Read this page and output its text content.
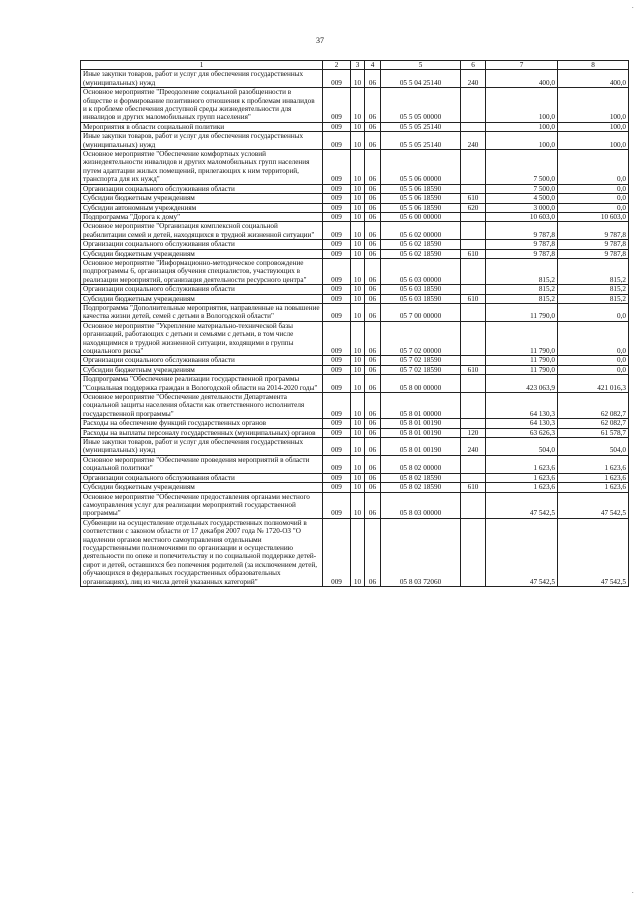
37
1	2	3	4	5	6	7	8
Иные закупки товаров, работ и услуг для обеспечения государственных (муниципальных) нужд	009	10	06	05 5 04 25140	240	400,0	400,0
Основное мероприятие "Преодоление социальной разобщенности в обществе и формирование позитивного отношения к проблемам инвалидов и к проблеме обеспечения доступной среды жизнедеятельности для инвалидов и других маломобильных групп населения"	009	10	06	05 5 05 00000		100,0	100,0
Мероприятия в области социальной политики	009	10	06	05 5 05 25140		100,0	100,0
Иные закупки товаров, работ и услуг для обеспечения государственных (муниципальных) нужд	009	10	06	05 5 05 25140	240	100,0	100,0
Основное мероприятие "Обеспечение комфортных условий жизнедеятельности инвалидов и других маломобильных групп населения путем адаптации жилых помещений, прилегающих к ним территорий, транспорта для их нужд"	009	10	06	05 5 06 00000		7 500,0	0,0
Организации социального обслуживания области	009	10	06	05 5 06 18590		7 500,0	0,0
Субсидии бюджетным учреждениям	009	10	06	05 5 06 18590	610	4 500,0	0,0
Субсидии автономным учреждениям	009	10	06	05 5 06 18590	620	3 000,0	0,0
Подпрограмма "Дорога к дому"	009	10	06	05 6 00 00000		10 603,0	10 603,0
Основное мероприятие "Организация комплексной социальной реабилитации семей и детей, находящихся в трудной жизненной ситуации"	009	10	06	05 6 02 00000		9 787,8	9 787,8
Организации социального обслуживания области	009	10	06	05 6 02 18590		9 787,8	9 787,8
Субсидии бюджетным учреждениям	009	10	06	05 6 02 18590	610	9 787,8	9 787,8
Основное мероприятие "Информационно-методическое сопровождение подпрограммы 6, организация обучения специалистов, участвующих в реализации мероприятий, организация деятельности ресурсного центра"	009	10	06	05 6 03 00000		815,2	815,2
Организации социального обслуживания области	009	10	06	05 6 03 18590		815,2	815,2
Субсидии бюджетным учреждениям	009	10	06	05 6 03 18590	610	815,2	815,2
Подпрограмма "Дополнительные мероприятия, направленные на повышение качества жизни детей, семей с детьми в Вологодской области"	009	10	06	05 7 00 00000		11 790,0	0,0
Основное мероприятие "Укрепление материально-технической базы организаций, работающих с детьми и семьями с детьми, в том числе находящимися в трудной жизненной ситуации, входящими в группы социального риска"	009	10	06	05 7 02 00000		11 790,0	0,0
Организации социального обслуживания области	009	10	06	05 7 02 18590		11 790,0	0,0
Субсидии бюджетным учреждениям	009	10	06	05 7 02 18590	610	11 790,0	0,0
Подпрограмма "Обеспечение реализации государственной программы "Социальная поддержка граждан в Вологодской области на 2014-2020 годы"	009	10	06	05 8 00 00000		423 063,9	421 016,3
Основное мероприятие "Обеспечение деятельности Департамента социальной защиты населения области как ответственного исполнителя государственной программы"	009	10	06	05 8 01 00000		64 130,3	62 082,7
Расходы на обеспечение функций государственных органов	009	10	06	05 8 01 00190		64 130,3	62 082,7
Расходы на выплаты персоналу государственных (муниципальных) органов	009	10	06	05 8 01 00190	120	63 626,3	61 578,7
Иные закупки товаров, работ и услуг для обеспечения государственных (муниципальных) нужд	009	10	06	05 8 01 00190	240	504,0	504,0
Основное мероприятие "Обеспечение проведения мероприятий в области социальной политики"	009	10	06	05 8 02 00000		1 623,6	1 623,6
Организации социального обслуживания области	009	10	06	05 8 02 18590		1 623,6	1 623,6
Субсидии бюджетным учреждениям	009	10	06	05 8 02 18590	610	1 623,6	1 623,6
Основное мероприятие "Обеспечение предоставления органами местного самоуправления услуг для реализации мероприятий государственной программы"	009	10	06	05 8 03 00000		47 542,5	47 542,5
Субвенции на осуществление отдельных государственных полномочий в соответствии с законом области от 17 декабря 2007 года № 1720-ОЗ "О наделении органов местного самоуправления отдельными государственными полномочиями по организации и осуществлению деятельности по опеке и попечительству и по социальной поддержке детей-сирот и детей, оставшихся без попечения родителей (за исключением детей, обучающихся в федеральных государственных образовательных организациях), лиц из числа детей указанных категорий"	009	10	06	05 8 03 72060		47 542,5	47 542,5
·
·
